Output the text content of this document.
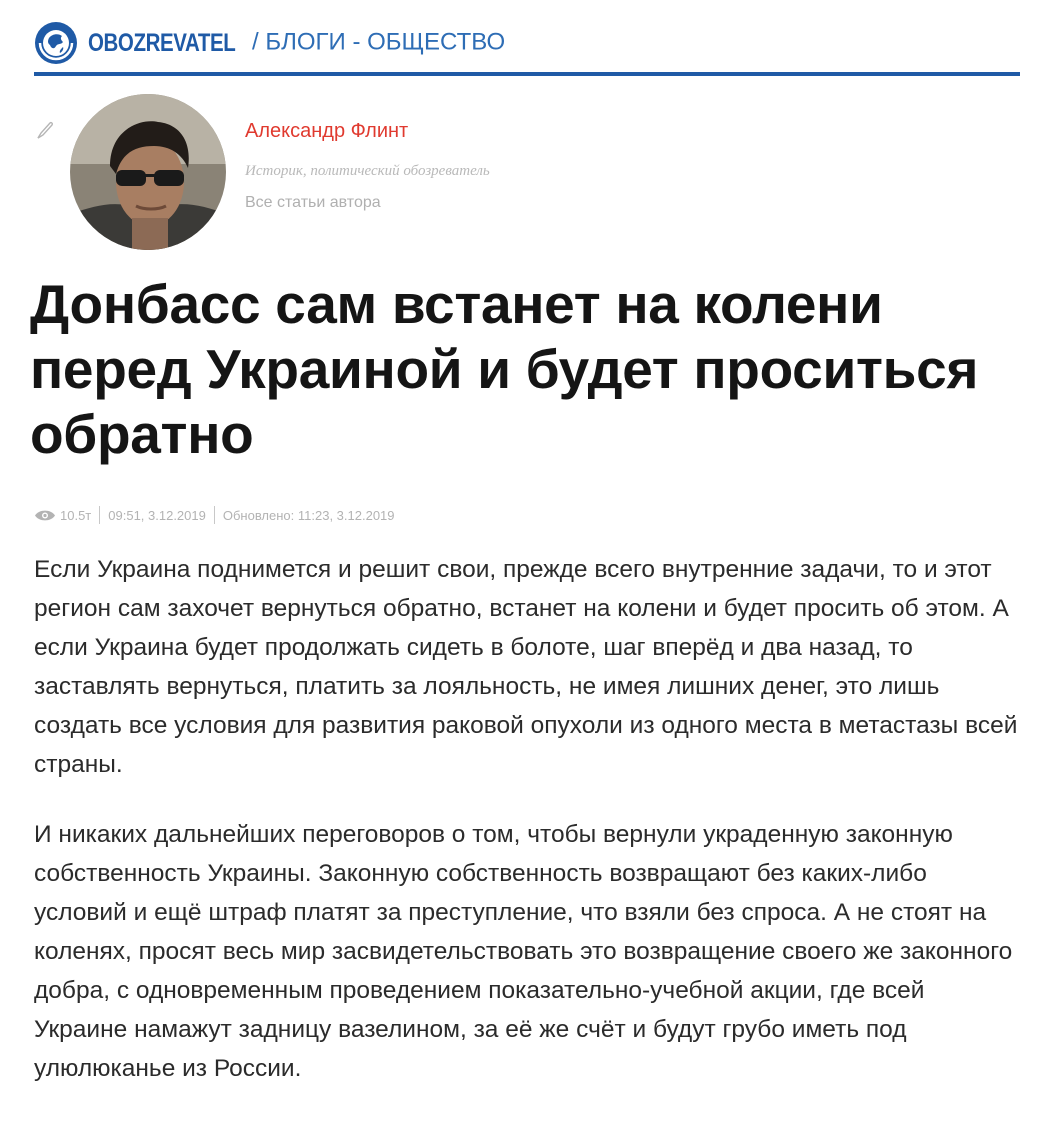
OBOZREVATEL / БЛОГИ - ОБЩЕСТВО
Александр Флинт
Историк, политический обозреватель
Все статьи автора
Донбасс сам встанет на колени перед Украиной и будет проситься обратно
10.5т 09:51, 3.12.2019 Обновлено: 11:23, 3.12.2019

Если Украина поднимется и решит свои, прежде всего внутренние задачи, то и этот регион сам захочет вернуться обратно, встанет на колени и будет просить об этом. А если Украина будет продолжать сидеть в болоте, шаг вперёд и два назад, то заставлять вернуться, платить за лояльность, не имея лишних денег, это лишь создать все условия для развития раковой опухоли из одного места в метастазы всей страны.

И никаких дальнейших переговоров о том, чтобы вернули украденную законную собственность Украины. Законную собственность возвращают без каких-либо условий и ещё штраф платят за преступление, что взяли без спроса. А не стоят на коленях, просят весь мир засвидетельствовать это возвращение своего же законного добра, с одновременным проведением показательно-учебной акции, где всей Украине намажут задницу вазелином, за её же счёт и будут грубо иметь под улюлюканье из России.
